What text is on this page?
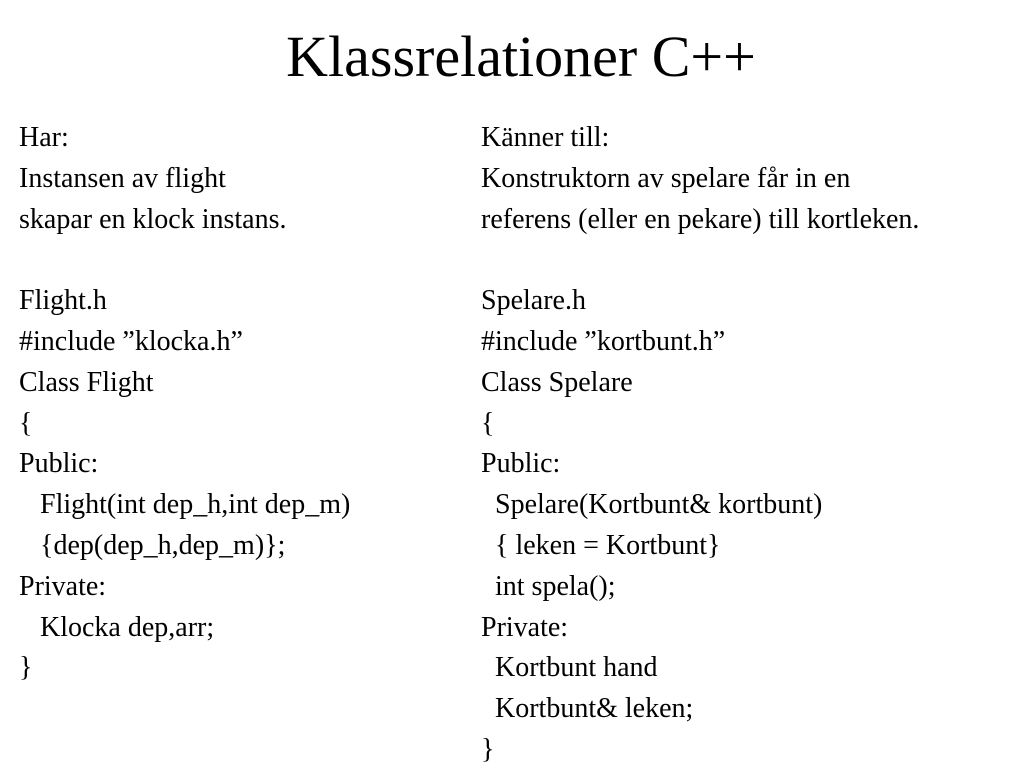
Klassrelationer C++
Har:
Instansen av flight
skapar en klock instans.
Flight.h
#include ”klocka.h”
Class Flight
{
Public:
Flight(int dep_h,int dep_m)
{dep(dep_h,dep_m)};
Private:
Klocka dep,arr;
}
Känner till:
Konstruktorn av spelare får in en
referens (eller en pekare) till kortleken.
Spelare.h
#include ”kortbunt.h”
Class Spelare
{
Public:
Spelare(Kortbunt& kortbunt)
{ leken = Kortbunt}
int spela();
Private:
Kortbunt hand
Kortbunt& leken;
}
